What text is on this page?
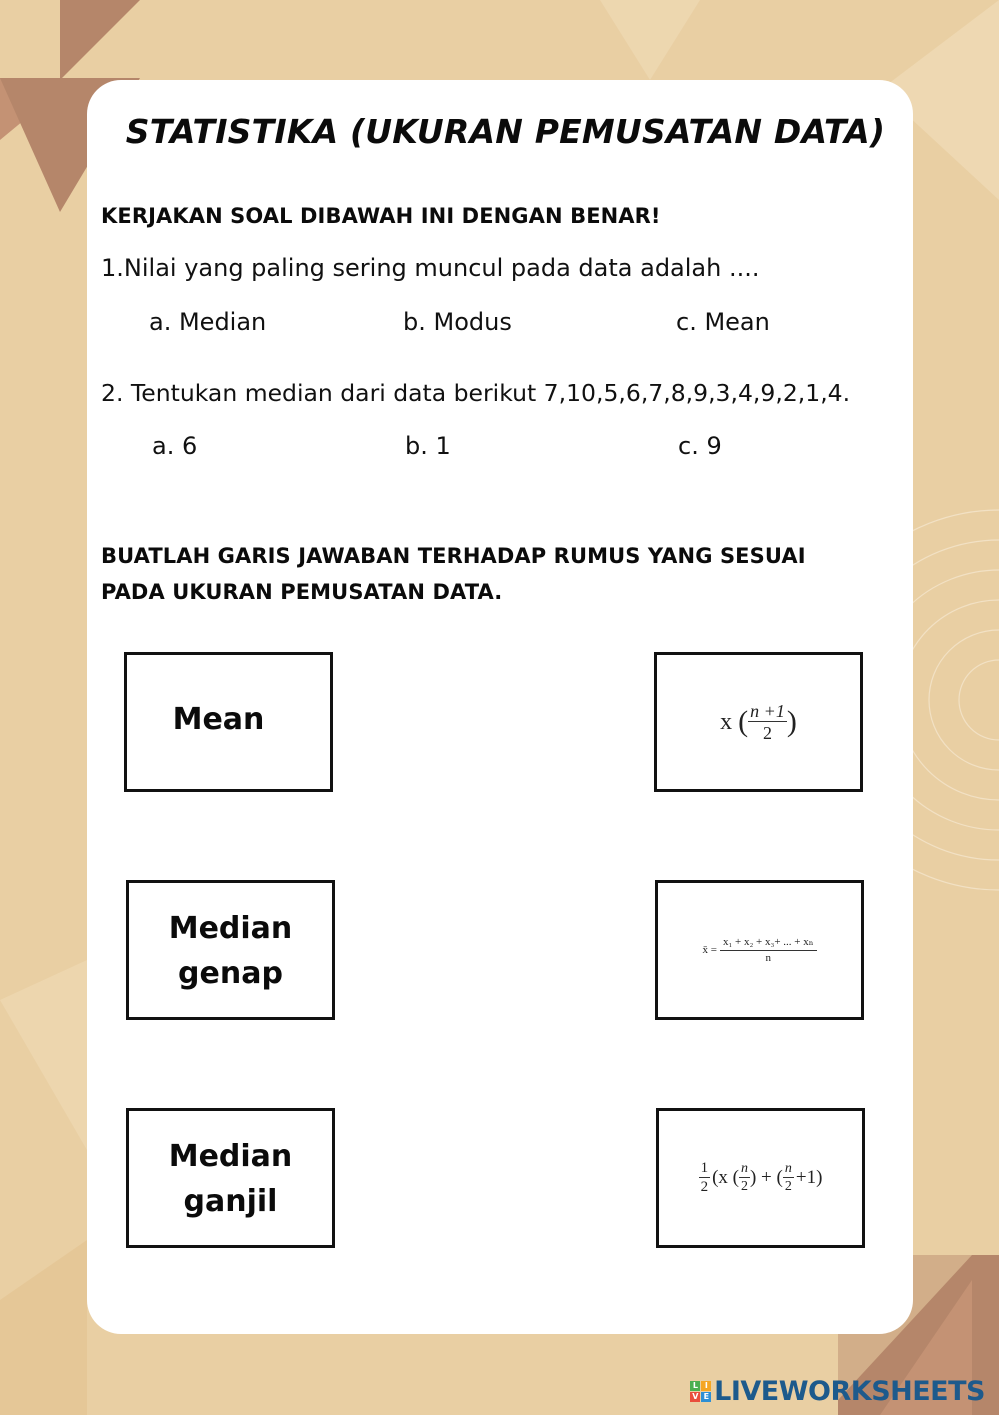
STATISTIKA (UKURAN PEMUSATAN DATA)
KERJAKAN SOAL DIBAWAH INI DENGAN BENAR!
1.Nilai yang paling sering muncul pada data adalah ....
a. Median	b. Modus	c. Mean
2. Tentukan median dari data berikut 7,10,5,6,7,8,9,3,4,9,2,1,4.
a. 6	b. 1	c. 9
BUATLAH GARIS JAWABAN TERHADAP RUMUS YANG SESUAI
PADA UKURAN PEMUSATAN DATA.
Mean
Median
genap
Median
ganjil
x ( $\frac{n +1}{2}$ )
x̄ = $\frac{\text{x₁ + x₂ + x₃+ ... + xₙ}}{n}$
$\frac{1}{2} (x$ ( $\frac{n}{2}$ ) + ( $\frac{n}{2} +1$)
L I
V E LIVEWORKSHEETS
